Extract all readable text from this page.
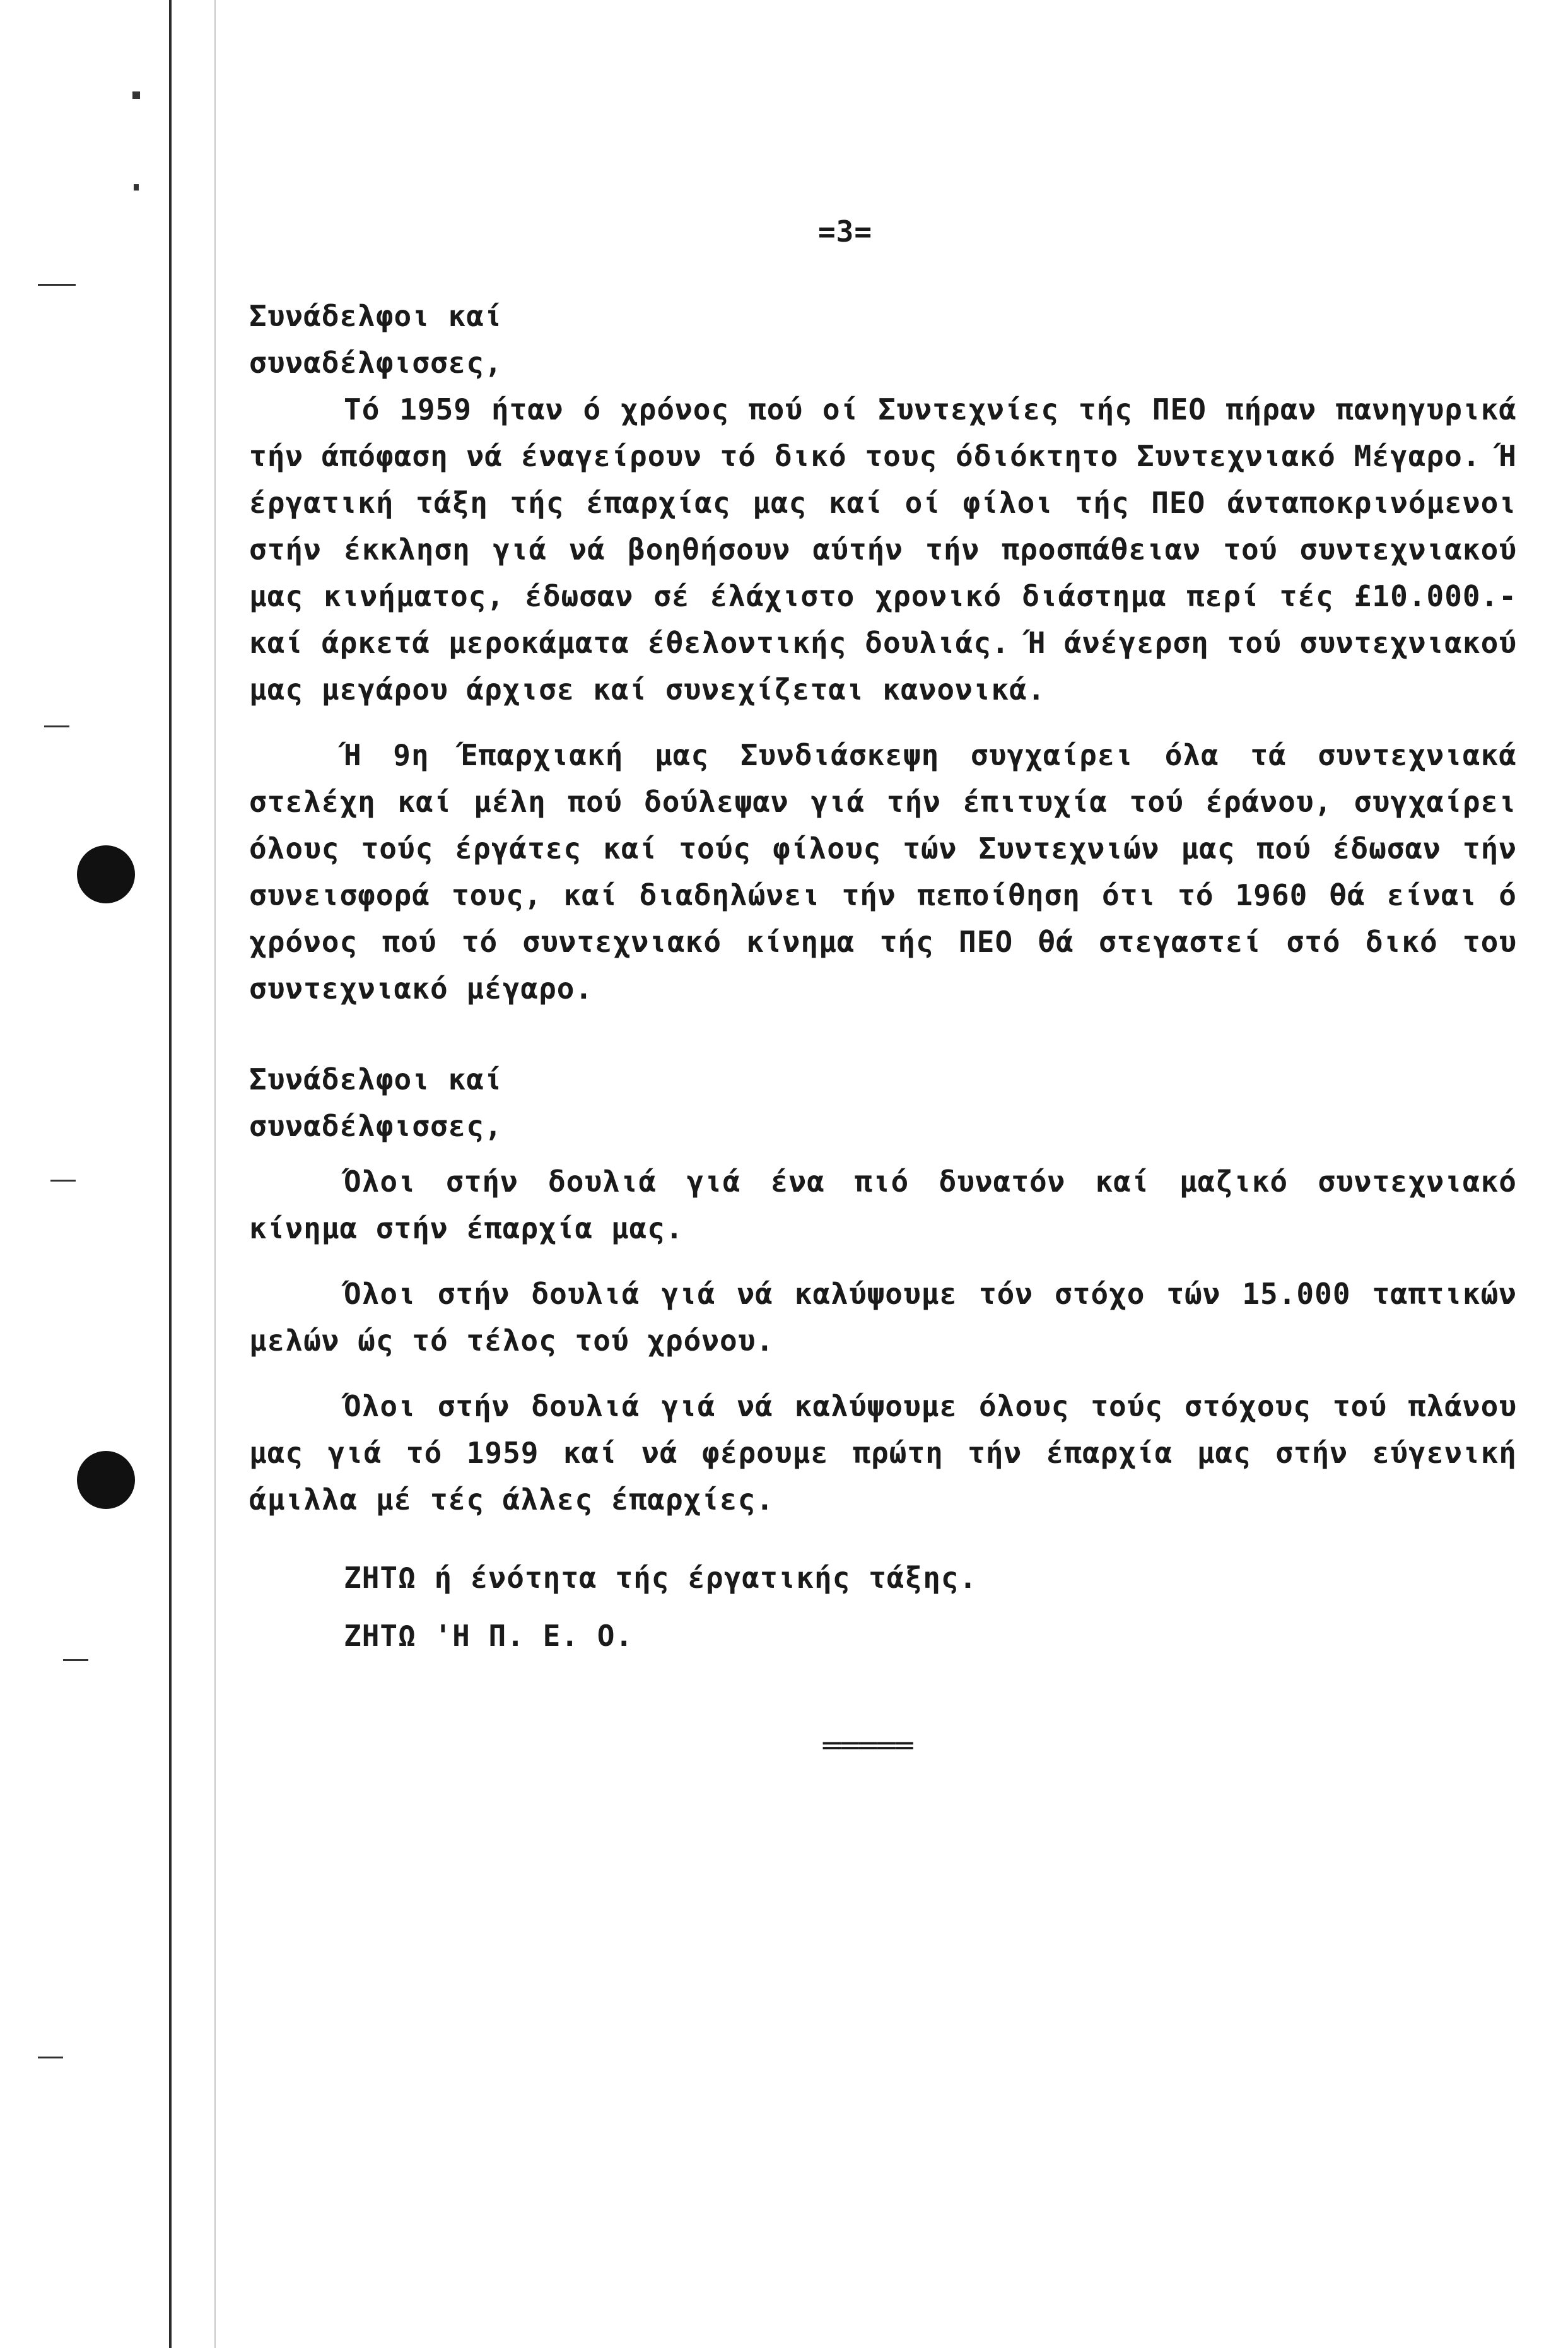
=3=

Συνάδελφοι καί

συναδέλφισσες,

Τό 1959 ήταν ό χρόνος πού οί Συντεχνίες τής ΠΕΟ πήραν πανηγυρικά τήν άπόφαση νά έναγείρουν τό δικό τους όδιόκτητο Συντεχνιακό Μέγαρο. Ή έργατική τάξη τής έπαρχίας μας καί οί φίλοι τής ΠΕΟ άνταποκρινόμενοι στήν έκκληση γιά νά βοηθήσουν αύτήν τήν προσπάθειαν τού συντεχνιακού μας κινήματος, έδωσαν σέ έλάχιστο χρονικό διάστημα περί τές £10.000.- καί άρκετά μεροκάματα έθελοντικής δουλιάς. Ή άνέγερση τού συντεχνιακού μας μεγάρου άρχισε καί συνεχίζεται κανονικά.

Ή 9η Έπαρχιακή μας Συνδιάσκεψη συγχαίρει όλα τά συντεχνιακά στελέχη καί μέλη πού δούλεψαν γιά τήν έπιτυχία τού έράνου, συγχαίρει όλους τούς έργάτες καί τούς φίλους τών Συντεχνιών μας πού έδωσαν τήν συνεισφορά τους, καί διαδηλώνει τήν πεποίθηση ότι τό 1960 θά είναι ό χρόνος πού τό συντεχνιακό κίνημα τής ΠΕΟ θά στεγαστεί στό δικό του συντεχνιακό μέγαρο.

Συνάδελφοι καί

συναδέλφισσες,

Όλοι στήν δουλιά γιά ένα πιό δυνατόν καί μαζικό συντεχνιακό κίνημα στήν έπαρχία μας.

Όλοι στήν δουλιά γιά νά καλύψουμε τόν στόχο τών 15.000 ταπτικών μελών ώς τό τέλος τού χρόνου.

Όλοι στήν δουλιά γιά νά καλύψουμε όλους τούς στόχους τού πλάνου μας γιά τό 1959 καί νά φέρουμε πρώτη τήν έπαρχία μας στήν εύγενική άμιλλα μέ τές άλλες έπαρχίες.

ΖΗΤΩ ή ένότητα τής έργατικής τάξης.

ΖΗΤΩ 'Η Π. Ε. Ο.

═════
